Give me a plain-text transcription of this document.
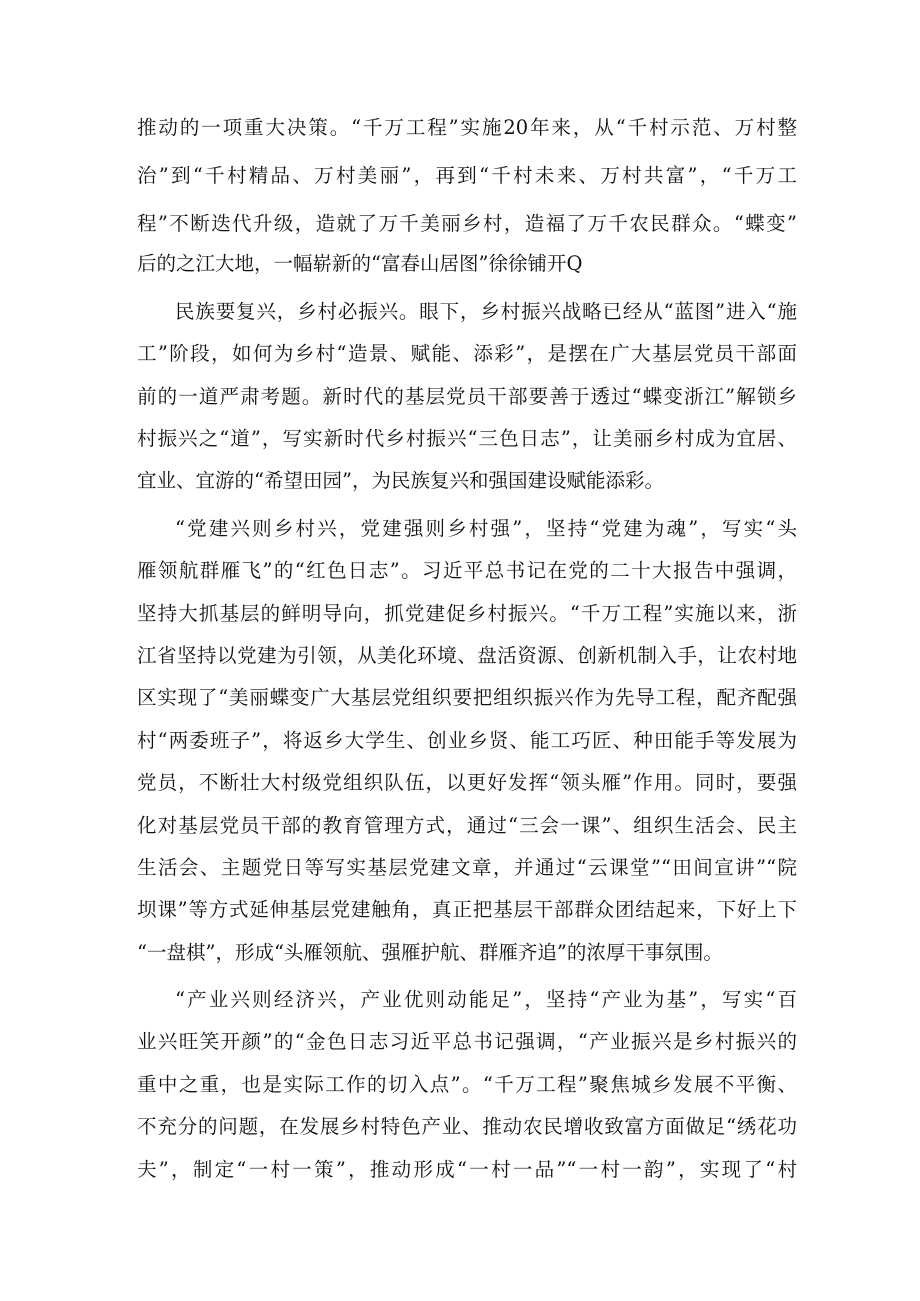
推动的一项重大决策。“千万工程”实施20年来，从“千村示范、万村整
治”到“千村精品、万村美丽”，再到“千村未来、万村共富”，“千万工
程”不断迭代升级，造就了万千美丽乡村，造福了万千农民群众。“蝶变”
后的之江大地，一幅崭新的“富春山居图”徐徐铺开Q
民族要复兴，乡村必振兴。眼下，乡村振兴战略已经从“蓝图”进入“施
工”阶段，如何为乡村“造景、赋能、添彩”，是摆在广大基层党员干部面
前的一道严肃考题。新时代的基层党员干部要善于透过“蝶变浙江”解锁乡
村振兴之“道”，写实新时代乡村振兴“三色日志”，让美丽乡村成为宜居、
宜业、宜游的“希望田园”，为民族复兴和强国建设赋能添彩。
“党建兴则乡村兴，党建强则乡村强”，坚持“党建为魂”，写实“头
雁领航群雁飞”的“红色日志”。习近平总书记在党的二十大报告中强调，
坚持大抓基层的鲜明导向，抓党建促乡村振兴。“千万工程”实施以来，浙
江省坚持以党建为引领，从美化环境、盘活资源、创新机制入手，让农村地
区实现了“美丽蝶变广大基层党组织要把组织振兴作为先导工程，配齐配强
村“两委班子”，将返乡大学生、创业乡贤、能工巧匠、种田能手等发展为
党员，不断壮大村级党组织队伍，以更好发挥“领头雁”作用。同时，要强
化对基层党员干部的教育管理方式，通过“三会一课”、组织生活会、民主
生活会、主题党日等写实基层党建文章，并通过“云课堂”“田间宣讲”“院
坝课”等方式延伸基层党建触角，真正把基层干部群众团结起来，下好上下
“一盘棋”，形成“头雁领航、强雁护航、群雁齐追”的浓厚干事氛围。
“产业兴则经济兴，产业优则动能足”，坚持“产业为基”，写实“百
业兴旺笑开颜”的“金色日志习近平总书记强调，“产业振兴是乡村振兴的
重中之重，也是实际工作的切入点”。“千万工程”聚焦城乡发展不平衡、
不充分的问题，在发展乡村特色产业、推动农民增收致富方面做足“绣花功
夫”，制定“一村一策”，推动形成“一村一品”“一村一韵”，实现了“村
